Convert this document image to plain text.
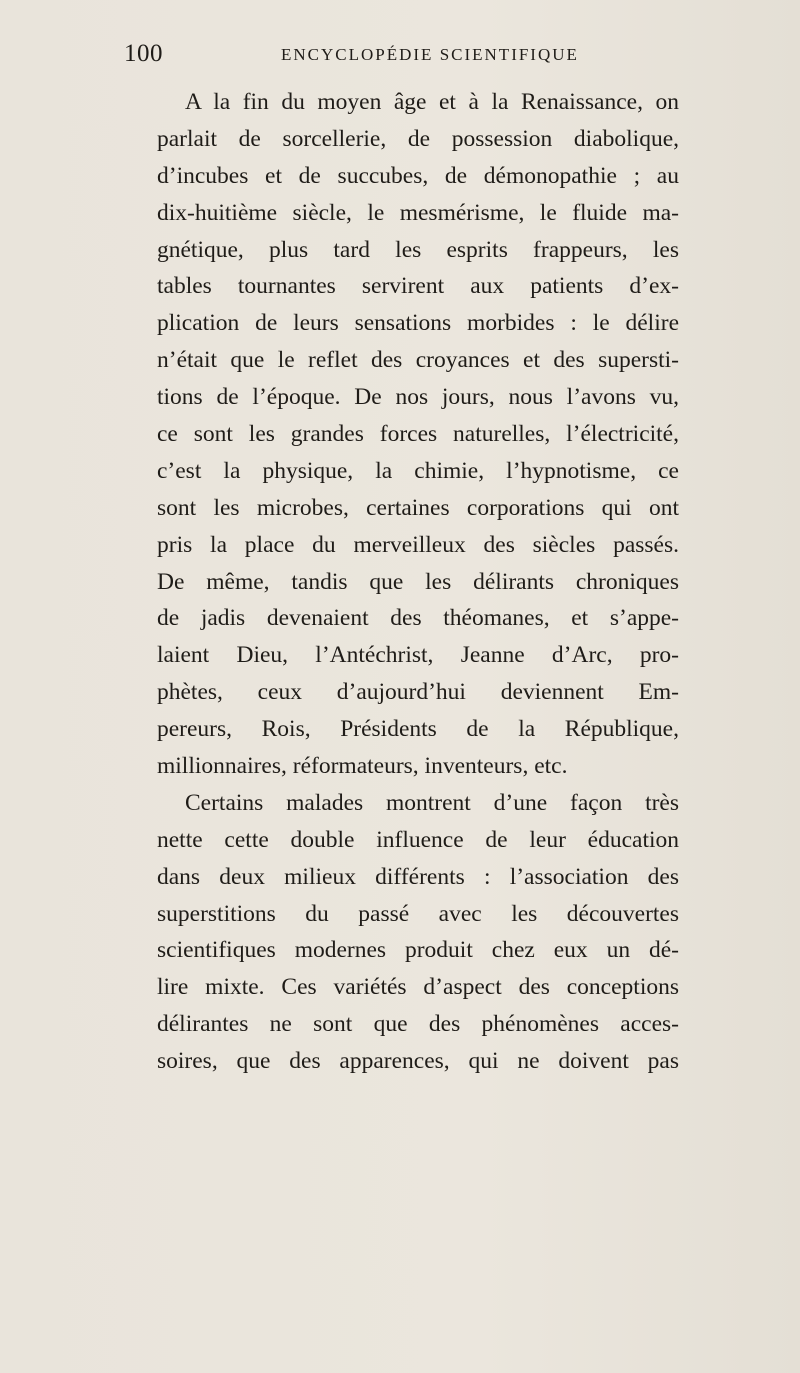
100	ENCYCLOPÉDIE SCIENTIFIQUE
A la fin du moyen âge et à la Renaissance, on
parlait de sorcellerie, de possession diabolique,
d’incubes et de succubes, de démonopathie ; au
dix-huitième siècle, le mesmérisme, le fluide ma-
gnétique, plus tard les esprits frappeurs, les
tables tournantes servirent aux patients d’ex-
plication de leurs sensations morbides : le délire
n’était que le reflet des croyances et des supersti-
tions de l’époque. De nos jours, nous l’avons vu,
ce sont les grandes forces naturelles, l’électricité,
c’est la physique, la chimie, l’hypnotisme, ce
sont les microbes, certaines corporations qui ont
pris la place du merveilleux des siècles passés.
De même, tandis que les délirants chroniques
de jadis devenaient des théomanes, et s’appe-
laient Dieu, l’Antéchrist, Jeanne d’Arc, pro-
phètes, ceux d’aujourd’hui deviennent Em-
pereurs, Rois, Présidents de la République,
millionnaires, réformateurs, inventeurs, etc.
Certains malades montrent d’une façon très
nette cette double influence de leur éducation
dans deux milieux différents : l’association des
superstitions du passé avec les découvertes
scientifiques modernes produit chez eux un dé-
lire mixte. Ces variétés d’aspect des conceptions
délirantes ne sont que des phénomènes acces-
soires, que des apparences, qui ne doivent pas
